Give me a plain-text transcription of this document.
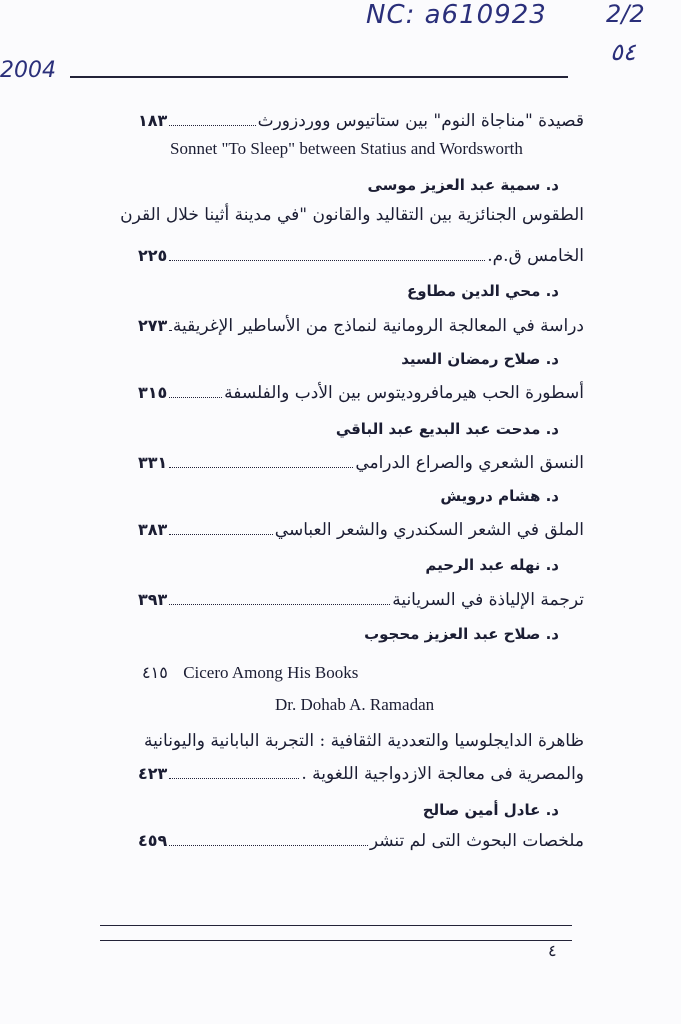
NC: a610923 2/2
٥٤
2004
قصيدة "مناجاة النوم" بين ستاتيوس ووردزورث
١٨٣
Sonnet "To Sleep" between Statius and Wordsworth
د. سمية عبد العزيز موسى
الطقوس الجنائزية بين التقاليد والقانون "في مدينة أثينا خلال القرن
الخامس ق.م.
٢٢٥
د. محي الدين مطاوع
دراسة في المعالجة الرومانية لنماذج من الأساطير الإغريقية
٢٧٣
د. صلاح رمضان السيد
أسطورة الحب هيرمافروديتوس بين الأدب والفلسفة
٣١٥
د. مدحت عبد البديع عبد الباقي
النسق الشعري والصراع الدرامي
٣٣١
د. هشام درويش
الملق في الشعر السكندري والشعر العباسي
٣٨٣
د. نهله عبد الرحيم
ترجمة الإلياذة في السريانية
٣٩٣
د. صلاح عبد العزيز محجوب
٤١٥ Cicero Among His Books
Dr. Dohab A. Ramadan
ظاهرة الدايجلوسيا والتعددية الثقافية : التجربة البابانية واليونانية
والمصرية فى معالجة الازدواجية اللغوية .
٤٢٣
د. عادل أمين صالح
ملخصات البحوث التى لم تنشر
٤٥٩
٤
